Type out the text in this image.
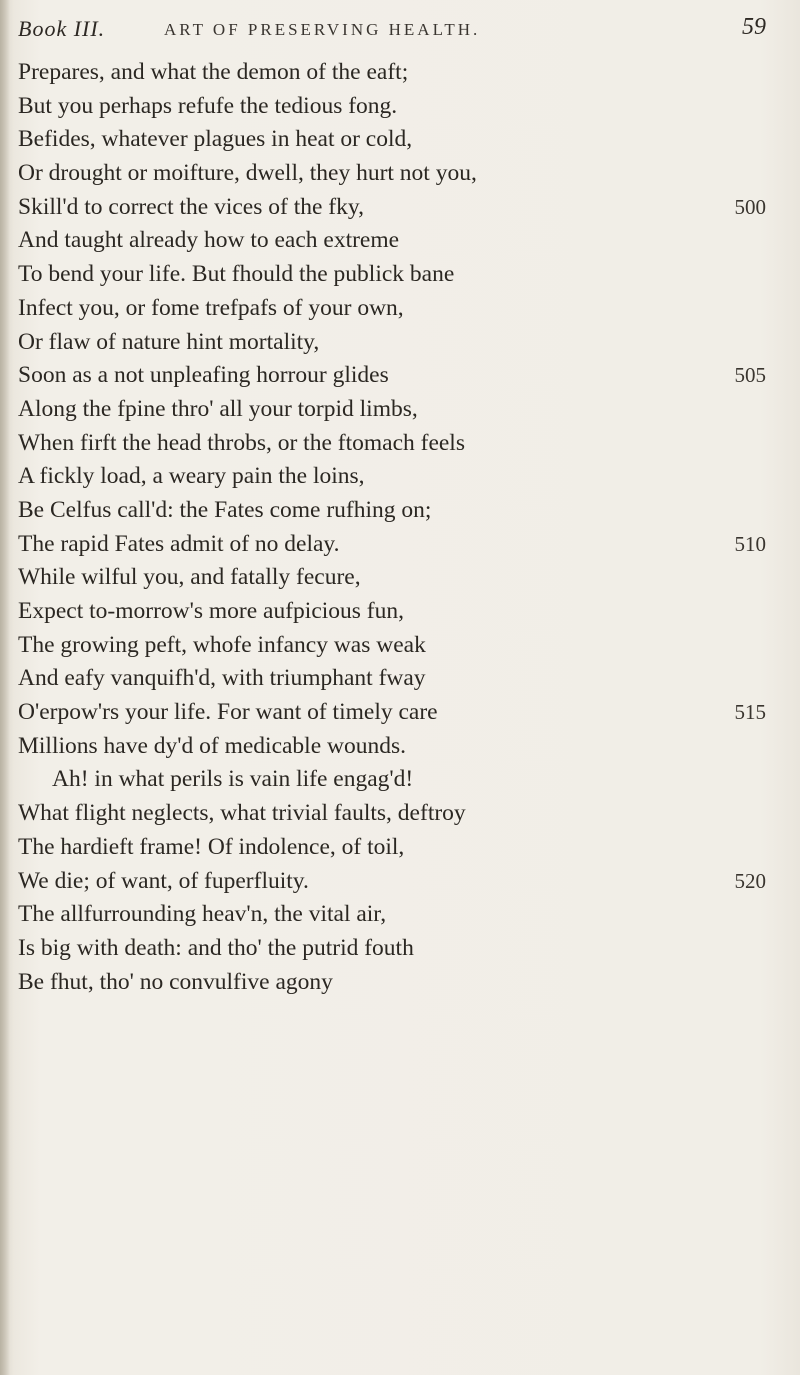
Book III.	ART OF PRESERVING HEALTH.	59
Prepares, and what the demon of the eaft;
But you perhaps refufe the tedious fong.
Befides, whatever plagues in heat or cold,
Or drought or moifture, dwell, they hurt not you,
Skill'd to correct the vices of the fky,	500
And taught already how to each extreme
To bend your life. But fhould the publick bane
Infect you, or fome trefpafs of your own,
Or flaw of nature hint mortality,
Soon as a not unpleafing horrour glides	505
Along the fpine thro' all your torpid limbs,
When firft the head throbs, or the ftomach feels
A fickly load, a weary pain the loins,
Be Celfus call'd: the Fates come rufhing on;
The rapid Fates admit of no delay.	510
While wilful you, and fatally fecure,
Expect to-morrow's more aufpicious fun,
The growing peft, whofe infancy was weak
And eafy vanquifh'd, with triumphant fway
O'erpow'rs your life. For want of timely care	515
Millions have dy'd of medicable wounds.
Ah! in what perils is vain life engag'd!
What flight neglects, what trivial faults, deftroy
The hardieft frame! Of indolence, of toil,
We die; of want, of fuperfluity.	520
The allfurrounding heav'n, the vital air,
Is big with death: and tho' the putrid fouth
Be fhut, tho' no convulfive agony
